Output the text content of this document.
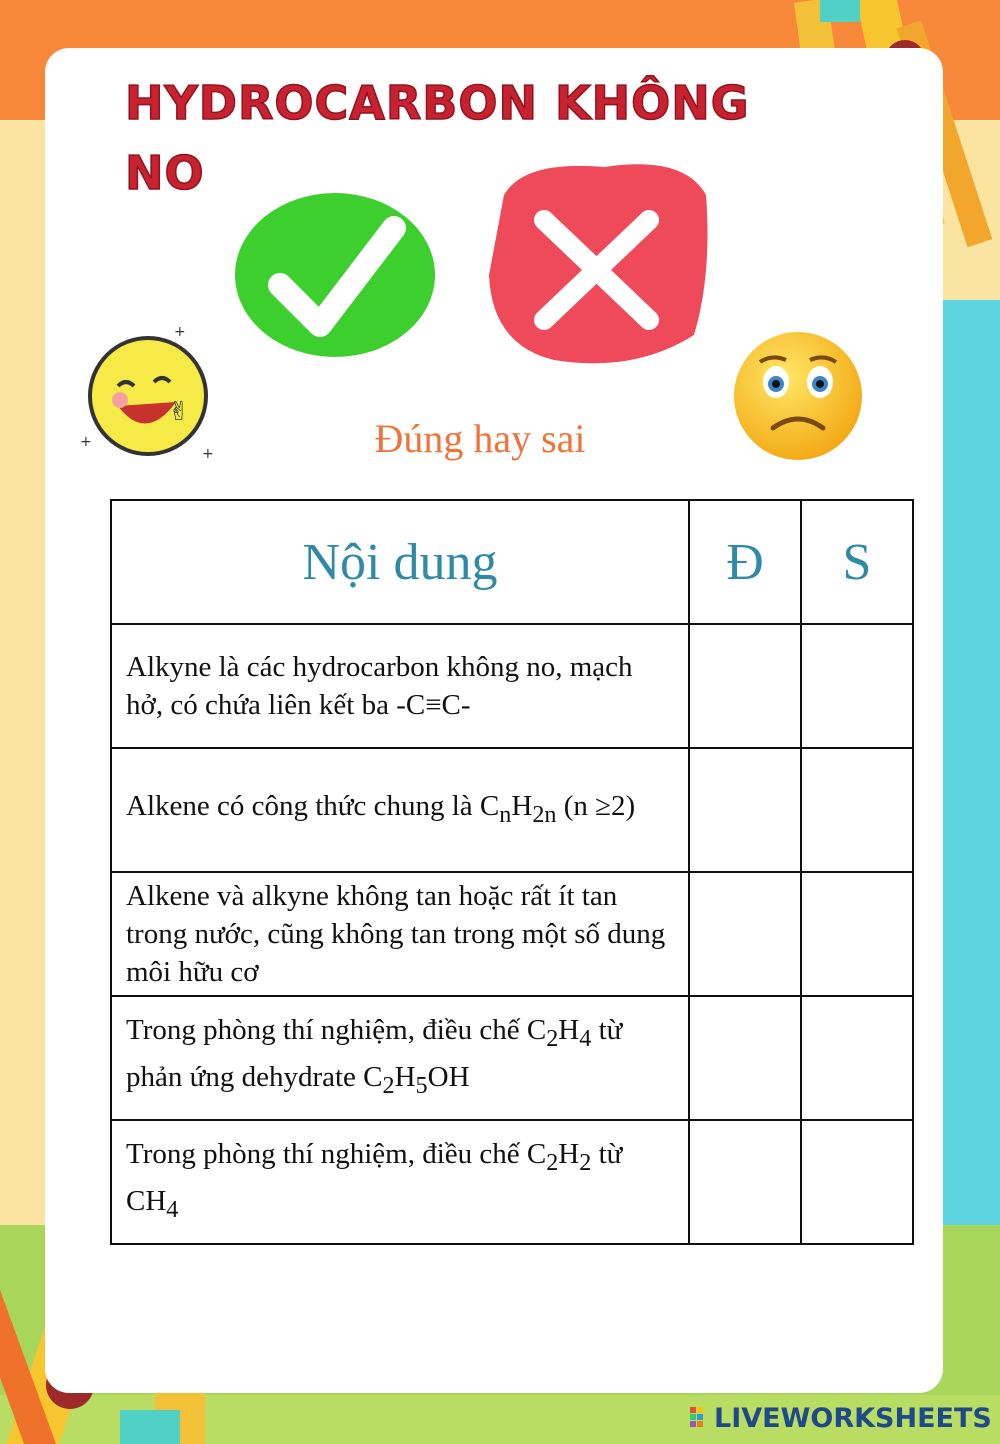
HYDROCARBON KHÔNG NO
✌
+
+
+	Đúng hay sai
Nội dung	Đ	S
Alkyne là các hydrocarbon không no, mạch hở, có chứa liên kết ba -C≡C-		
Alkene có công thức chung là $C_nH_{2n}$ (n ≥2)		
Alkene và alkyne không tan hoặc rất ít tan trong nước, cũng không tan trong một số dung môi hữu cơ		
Trong phòng thí nghiệm, điều chế $C_2H_4$ từ phản ứng dehydrate $C_2H_5OH$		
Trong phòng thí nghiệm, điều chế $C_2H_2$ từ $CH_4$		
LIVEWORKSHEETS
